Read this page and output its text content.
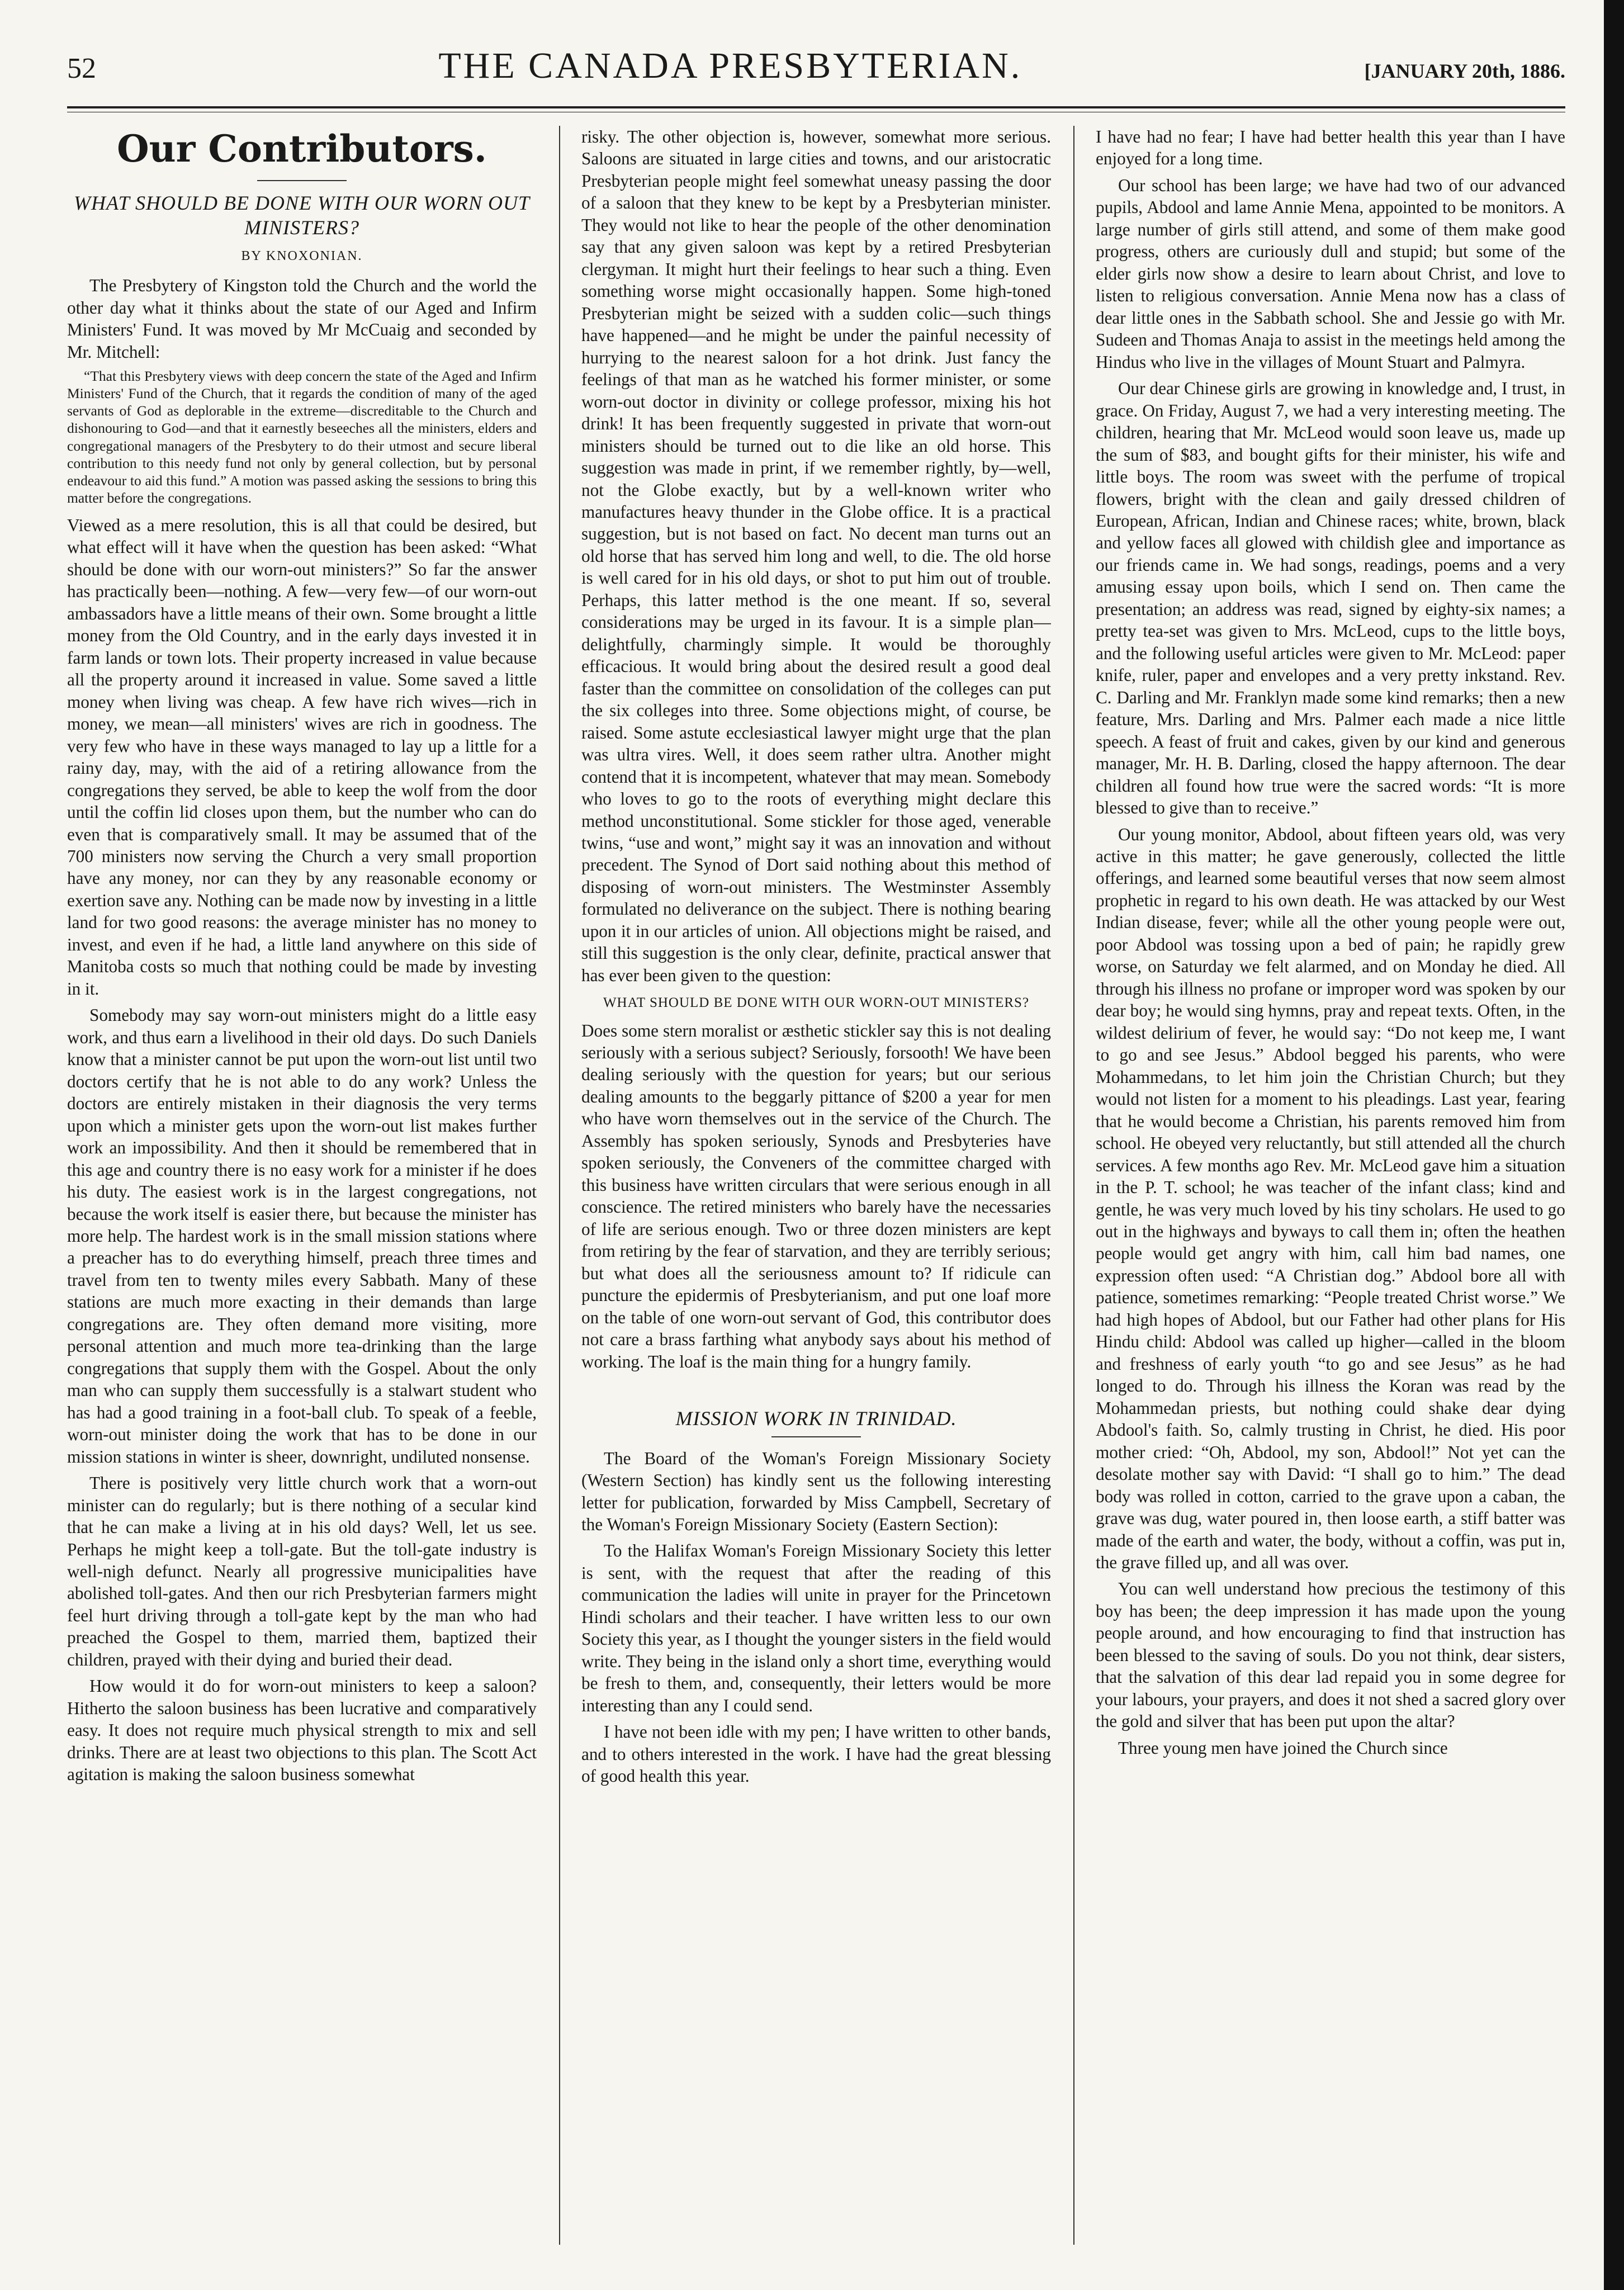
52	THE CANADA PRESBYTERIAN.	[JANUARY 20th, 1886.
Our Contributors.
WHAT SHOULD BE DONE WITH OUR WORN OUT MINISTERS?
BY KNOXONIAN.

The Presbytery of Kingston told the Church and the world the other day what it thinks about the state of our Aged and Infirm Ministers' Fund. It was moved by Mr McCuaig and seconded by Mr. Mitchell:

“That this Presbytery views with deep concern the state of the Aged and Infirm Ministers' Fund of the Church, that it regards the condition of many of the aged servants of God as deplorable in the extreme—discreditable to the Church and dishonouring to God—and that it earnestly beseeches all the ministers, elders and congregational managers of the Presbytery to do their utmost and secure liberal contribution to this needy fund not only by general collection, but by personal endeavour to aid this fund.” A motion was passed asking the sessions to bring this matter before the congregations.

Viewed as a mere resolution, this is all that could be desired, but what effect will it have when the question has been asked: “What should be done with our worn-out ministers?” So far the answer has practically been—nothing. A few—very few—of our worn-out ambassadors have a little means of their own. Some brought a little money from the Old Country, and in the early days invested it in farm lands or town lots. Their property increased in value because all the property around it increased in value. Some saved a little money when living was cheap. A few have rich wives—rich in money, we mean—all ministers' wives are rich in goodness. The very few who have in these ways managed to lay up a little for a rainy day, may, with the aid of a retiring allowance from the congregations they served, be able to keep the wolf from the door until the coffin lid closes upon them, but the number who can do even that is comparatively small. It may be assumed that of the 700 ministers now serving the Church a very small proportion have any money, nor can they by any reasonable economy or exertion save any. Nothing can be made now by investing in a little land for two good reasons: the average minister has no money to invest, and even if he had, a little land anywhere on this side of Manitoba costs so much that nothing could be made by investing in it.

Somebody may say worn-out ministers might do a little easy work, and thus earn a livelihood in their old days. Do such Daniels know that a minister cannot be put upon the worn-out list until two doctors certify that he is not able to do any work? Unless the doctors are entirely mistaken in their diagnosis the very terms upon which a minister gets upon the worn-out list makes further work an impossibility. And then it should be remembered that in this age and country there is no easy work for a minister if he does his duty. The easiest work is in the largest congregations, not because the work itself is easier there, but because the minister has more help. The hardest work is in the small mission stations where a preacher has to do everything himself, preach three times and travel from ten to twenty miles every Sabbath. Many of these stations are much more exacting in their demands than large congregations are. They often demand more visiting, more personal attention and much more tea-drinking than the large congregations that supply them with the Gospel. About the only man who can supply them successfully is a stalwart student who has had a good training in a foot-ball club. To speak of a feeble, worn-out minister doing the work that has to be done in our mission stations in winter is sheer, downright, undiluted nonsense.

There is positively very little church work that a worn-out minister can do regularly; but is there nothing of a secular kind that he can make a living at in his old days? Well, let us see. Perhaps he might keep a toll-gate. But the toll-gate industry is well-nigh defunct. Nearly all progressive municipalities have abolished toll-gates. And then our rich Presbyterian farmers might feel hurt driving through a toll-gate kept by the man who had preached the Gospel to them, married them, baptized their children, prayed with their dying and buried their dead.

How would it do for worn-out ministers to keep a saloon? Hitherto the saloon business has been lucrative and comparatively easy. It does not require much physical strength to mix and sell drinks. There are at least two objections to this plan. The Scott Act agitation is making the saloon business somewhat

risky. The other objection is, however, somewhat more serious. Saloons are situated in large cities and towns, and our aristocratic Presbyterian people might feel somewhat uneasy passing the door of a saloon that they knew to be kept by a Presbyterian minister. They would not like to hear the people of the other denomination say that any given saloon was kept by a retired Presbyterian clergyman. It might hurt their feelings to hear such a thing. Even something worse might occasionally happen. Some high-toned Presbyterian might be seized with a sudden colic—such things have happened—and he might be under the painful necessity of hurrying to the nearest saloon for a hot drink. Just fancy the feelings of that man as he watched his former minister, or some worn-out doctor in divinity or college professor, mixing his hot drink! It has been frequently suggested in private that worn-out ministers should be turned out to die like an old horse. This suggestion was made in print, if we remember rightly, by—well, not the Globe exactly, but by a well-known writer who manufactures heavy thunder in the Globe office. It is a practical suggestion, but is not based on fact. No decent man turns out an old horse that has served him long and well, to die. The old horse is well cared for in his old days, or shot to put him out of trouble. Perhaps, this latter method is the one meant. If so, several considerations may be urged in its favour. It is a simple plan—delightfully, charmingly simple. It would be thoroughly efficacious. It would bring about the desired result a good deal faster than the committee on consolidation of the colleges can put the six colleges into three. Some objections might, of course, be raised. Some astute ecclesiastical lawyer might urge that the plan was ultra vires. Well, it does seem rather ultra. Another might contend that it is incompetent, whatever that may mean. Somebody who loves to go to the roots of everything might declare this method unconstitutional. Some stickler for those aged, venerable twins, “use and wont,” might say it was an innovation and without precedent. The Synod of Dort said nothing about this method of disposing of worn-out ministers. The Westminster Assembly formulated no deliverance on the subject. There is nothing bearing upon it in our articles of union. All objections might be raised, and still this suggestion is the only clear, definite, practical answer that has ever been given to the question:

WHAT SHOULD BE DONE WITH OUR WORN-OUT MINISTERS?

Does some stern moralist or æsthetic stickler say this is not dealing seriously with a serious subject? Seriously, forsooth! We have been dealing seriously with the question for years; but our serious dealing amounts to the beggarly pittance of $200 a year for men who have worn themselves out in the service of the Church. The Assembly has spoken seriously, Synods and Presbyteries have spoken seriously, the Conveners of the committee charged with this business have written circulars that were serious enough in all conscience. The retired ministers who barely have the necessaries of life are serious enough. Two or three dozen ministers are kept from retiring by the fear of starvation, and they are terribly serious; but what does all the seriousness amount to? If ridicule can puncture the epidermis of Presbyterianism, and put one loaf more on the table of one worn-out servant of God, this contributor does not care a brass farthing what anybody says about his method of working. The loaf is the main thing for a hungry family.

MISSION WORK IN TRINIDAD.

The Board of the Woman's Foreign Missionary Society (Western Section) has kindly sent us the following interesting letter for publication, forwarded by Miss Campbell, Secretary of the Woman's Foreign Missionary Society (Eastern Section):

To the Halifax Woman's Foreign Missionary Society this letter is sent, with the request that after the reading of this communication the ladies will unite in prayer for the Princetown Hindi scholars and their teacher. I have written less to our own Society this year, as I thought the younger sisters in the field would write. They being in the island only a short time, everything would be fresh to them, and, consequently, their letters would be more interesting than any I could send.

I have not been idle with my pen; I have written to other bands, and to others interested in the work. I have had the great blessing of good health this year.

I have had no fear; I have had better health this year than I have enjoyed for a long time.

Our school has been large; we have had two of our advanced pupils, Abdool and lame Annie Mena, appointed to be monitors. A large number of girls still attend, and some of them make good progress, others are curiously dull and stupid; but some of the elder girls now show a desire to learn about Christ, and love to listen to religious conversation. Annie Mena now has a class of dear little ones in the Sabbath school. She and Jessie go with Mr. Sudeen and Thomas Anaja to assist in the meetings held among the Hindus who live in the villages of Mount Stuart and Palmyra.

Our dear Chinese girls are growing in knowledge and, I trust, in grace. On Friday, August 7, we had a very interesting meeting. The children, hearing that Mr. McLeod would soon leave us, made up the sum of $83, and bought gifts for their minister, his wife and little boys. The room was sweet with the perfume of tropical flowers, bright with the clean and gaily dressed children of European, African, Indian and Chinese races; white, brown, black and yellow faces all glowed with childish glee and importance as our friends came in. We had songs, readings, poems and a very amusing essay upon boils, which I send on. Then came the presentation; an address was read, signed by eighty-six names; a pretty tea-set was given to Mrs. McLeod, cups to the little boys, and the following useful articles were given to Mr. McLeod: paper knife, ruler, paper and envelopes and a very pretty inkstand. Rev. C. Darling and Mr. Franklyn made some kind remarks; then a new feature, Mrs. Darling and Mrs. Palmer each made a nice little speech. A feast of fruit and cakes, given by our kind and generous manager, Mr. H. B. Darling, closed the happy afternoon. The dear children all found how true were the sacred words: “It is more blessed to give than to receive.”

Our young monitor, Abdool, about fifteen years old, was very active in this matter; he gave generously, collected the little offerings, and learned some beautiful verses that now seem almost prophetic in regard to his own death. He was attacked by our West Indian disease, fever; while all the other young people were out, poor Abdool was tossing upon a bed of pain; he rapidly grew worse, on Saturday we felt alarmed, and on Monday he died. All through his illness no profane or improper word was spoken by our dear boy; he would sing hymns, pray and repeat texts. Often, in the wildest delirium of fever, he would say: “Do not keep me, I want to go and see Jesus.” Abdool begged his parents, who were Mohammedans, to let him join the Christian Church; but they would not listen for a moment to his pleadings. Last year, fearing that he would become a Christian, his parents removed him from school. He obeyed very reluctantly, but still attended all the church services. A few months ago Rev. Mr. McLeod gave him a situation in the P. T. school; he was teacher of the infant class; kind and gentle, he was very much loved by his tiny scholars. He used to go out in the highways and byways to call them in; often the heathen people would get angry with him, call him bad names, one expression often used: “A Christian dog.” Abdool bore all with patience, sometimes remarking: “People treated Christ worse.” We had high hopes of Abdool, but our Father had other plans for His Hindu child: Abdool was called up higher—called in the bloom and freshness of early youth “to go and see Jesus” as he had longed to do. Through his illness the Koran was read by the Mohammedan priests, but nothing could shake dear dying Abdool's faith. So, calmly trusting in Christ, he died. His poor mother cried: “Oh, Abdool, my son, Abdool!” Not yet can the desolate mother say with David: “I shall go to him.” The dead body was rolled in cotton, carried to the grave upon a caban, the grave was dug, water poured in, then loose earth, a stiff batter was made of the earth and water, the body, without a coffin, was put in, the grave filled up, and all was over.

You can well understand how precious the testimony of this boy has been; the deep impression it has made upon the young people around, and how encouraging to find that instruction has been blessed to the saving of souls. Do you not think, dear sisters, that the salvation of this dear lad repaid you in some degree for your labours, your prayers, and does it not shed a sacred glory over the gold and silver that has been put upon the altar?

Three young men have joined the Church since
